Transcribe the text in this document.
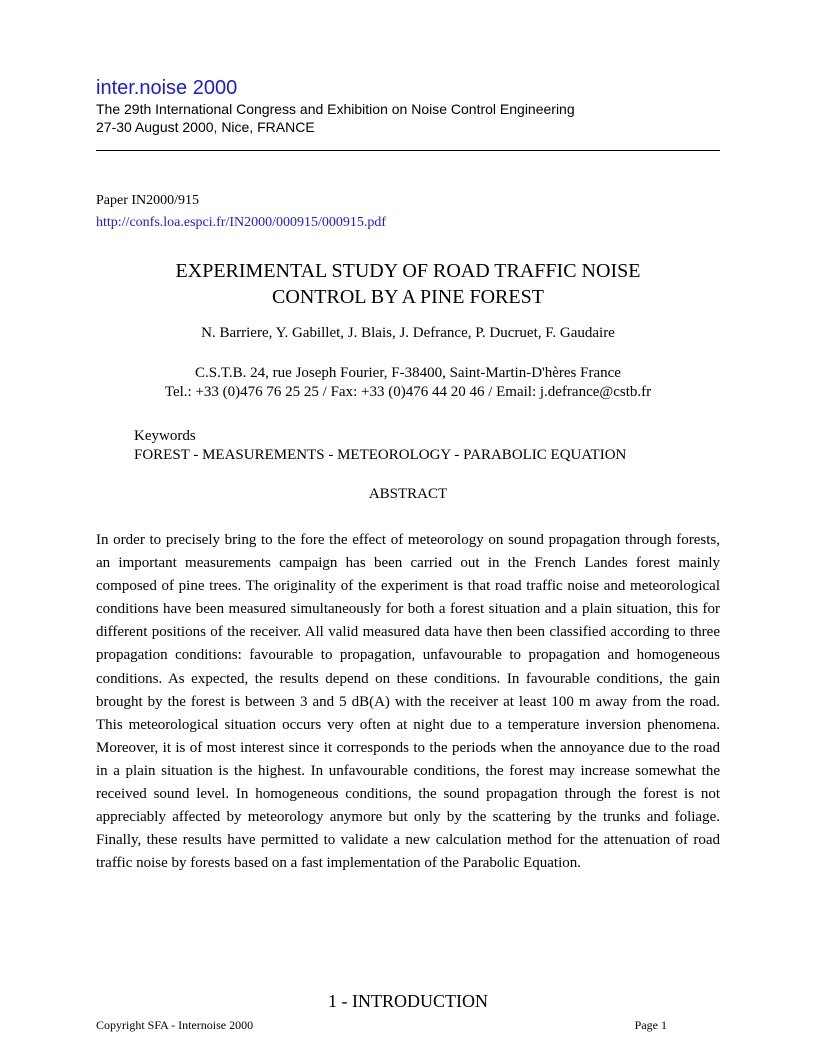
inter.noise 2000
The 29th International Congress and Exhibition on Noise Control Engineering
27-30 August 2000, Nice, FRANCE
Paper IN2000/915
http://confs.loa.espci.fr/IN2000/000915/000915.pdf
EXPERIMENTAL STUDY OF ROAD TRAFFIC NOISE
CONTROL BY A PINE FOREST
N. Barriere, Y. Gabillet, J. Blais, J. Defrance, P. Ducruet, F. Gaudaire
C.S.T.B. 24, rue Joseph Fourier, F-38400, Saint-Martin-D'hères France
Tel.: +33 (0)476 76 25 25 / Fax: +33 (0)476 44 20 46 / Email: j.defrance@cstb.fr
Keywords
FOREST - MEASUREMENTS - METEOROLOGY - PARABOLIC EQUATION
ABSTRACT

In order to precisely bring to the fore the effect of meteorology on sound propagation through forests, an important measurements campaign has been carried out in the French Landes forest mainly composed of pine trees. The originality of the experiment is that road traffic noise and meteorological conditions have been measured simultaneously for both a forest situation and a plain situation, this for different positions of the receiver. All valid measured data have then been classified according to three propagation conditions: favourable to propagation, unfavourable to propagation and homogeneous conditions. As expected, the results depend on these conditions. In favourable conditions, the gain brought by the forest is between 3 and 5 dB(A) with the receiver at least 100 m away from the road. This meteorological situation occurs very often at night due to a temperature inversion phenomena. Moreover, it is of most interest since it corresponds to the periods when the annoyance due to the road in a plain situation is the highest. In unfavourable conditions, the forest may increase somewhat the received sound level. In homogeneous conditions, the sound propagation through the forest is not appreciably affected by meteorology anymore but only by the scattering by the trunks and foliage. Finally, these results have permitted to validate a new calculation method for the attenuation of road traffic noise by forests based on a fast implementation of the Parabolic Equation.

1 - INTRODUCTION
Copyright SFA - Internoise 2000	Page 1
